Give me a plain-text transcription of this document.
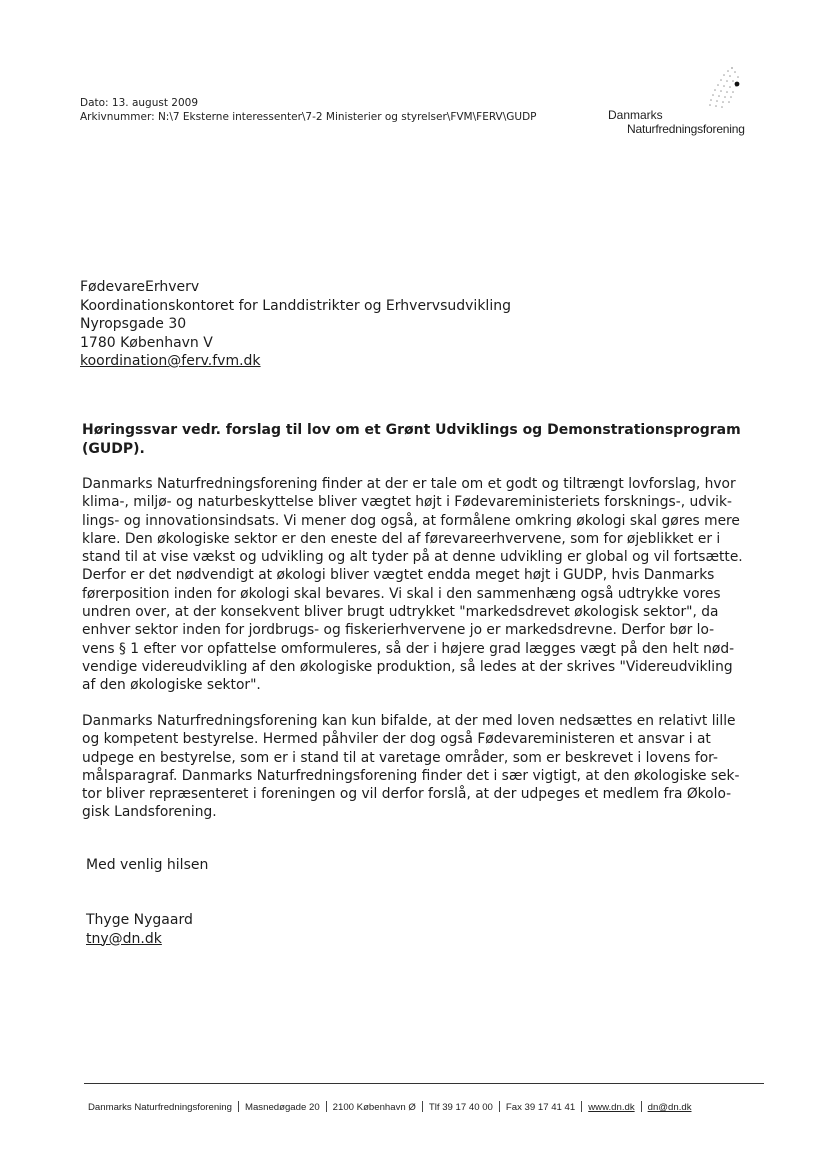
Dato: 13. august 2009
Arkivnummer: N:\7 Eksterne interessenter\7-2 Ministerier og styrelser\FVM\FERV\GUDP	Danmarks
Naturfredningsforening
FødevareErhverv
Koordinationskontoret for Landdistrikter og Erhvervsudvikling
Nyropsgade 30
1780 København V
koordination@ferv.fvm.dk
Høringssvar vedr. forslag til lov om et Grønt Udviklings og Demonstrationsprogram
(GUDP).
Danmarks Naturfredningsforening finder at der er tale om et godt og tiltrængt lovforslag, hvor
klima-, miljø- og naturbeskyttelse bliver vægtet højt i Fødevareministeriets forsknings-, udvik-
lings- og innovationsindsats. Vi mener dog også, at formålene omkring økologi skal gøres mere
klare. Den økologiske sektor er den eneste del af førevareerhvervene, som for øjeblikket er i
stand til at vise vækst og udvikling og alt tyder på at denne udvikling er global og vil fortsætte.
Derfor er det nødvendigt at økologi bliver vægtet endda meget højt i GUDP, hvis Danmarks
førerposition inden for økologi skal bevares. Vi skal i den sammenhæng også udtrykke vores
undren over, at der konsekvent bliver brugt udtrykket "markedsdrevet økologisk sektor", da
enhver sektor inden for jordbrugs- og fiskerierhvervene jo er markedsdrevne. Derfor bør lo-
vens § 1 efter vor opfattelse omformuleres, så der i højere grad lægges vægt på den helt nød-
vendige videreudvikling af den økologiske produktion, så ledes at der skrives "Videreudvikling
af den økologiske sektor".
Danmarks Naturfredningsforening kan kun bifalde, at der med loven nedsættes en relativt lille
og kompetent bestyrelse. Hermed påhviler der dog også Fødevareministeren et ansvar i at
udpege en bestyrelse, som er i stand til at varetage områder, som er beskrevet i lovens for-
målsparagraf. Danmarks Naturfredningsforening finder det i sær vigtigt, at den økologiske sek-
tor bliver repræsenteret i foreningen og vil derfor forslå, at der udpeges et medlem fra Økolo-
gisk Landsforening.
Med venlig hilsen
Thyge Nygaard
tny@dn.dk
Danmarks Naturfredningsforening Masnedøgade 20 2100 København Ø Tlf 39 17 40 00 Fax 39 17 41 41 www.dn.dk dn@dn.dk
